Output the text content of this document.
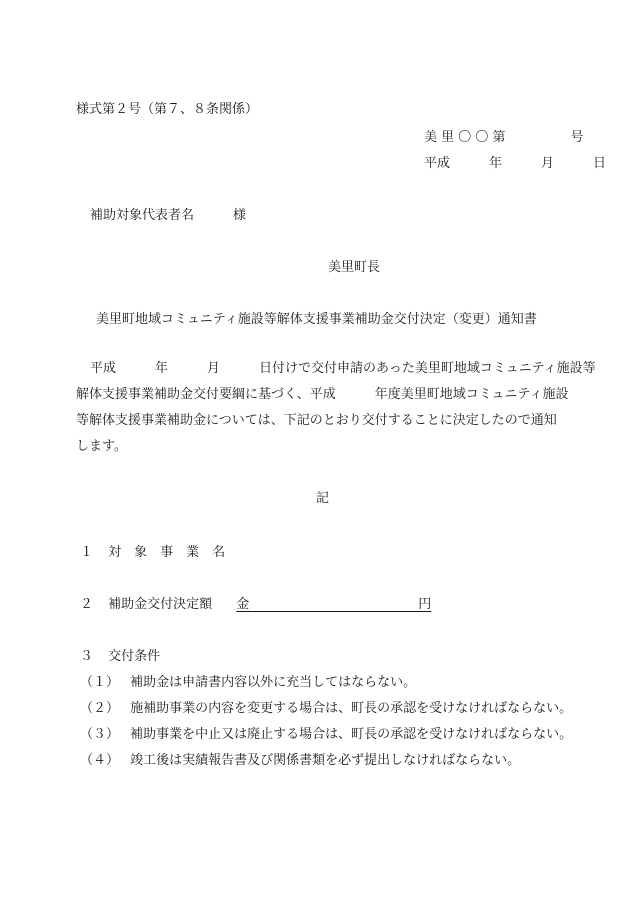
様式第２号（第７、８条関係）
美 里 〇 〇 第　　　　　号
平成　　　年　　　月　　　日
補助対象代表者名　　　様
美里町長
美里町地域コミュニティ施設等解体支援事業補助金交付決定（変更）通知書
平成　　　年　　　月　　　日付けで交付申請のあった美里町地域コミュニティ施設等
解体支援事業補助金交付要綱に基づく、平成　　　年度美里町地域コミュニティ施設
等解体支援事業補助金については、下記のとおり交付することに決定したので通知
します。
記
１ 対　象　事　業　名
２ 補助金交付決定額 金　　　　　　　　　　　　　円
３ 交付条件
（１） 補助金は申請書内容以外に充当してはならない。
（２） 施補助事業の内容を変更する場合は、町長の承認を受けなければならない。
（３） 補助事業を中止又は廃止する場合は、町長の承認を受けなければならない。
（４） 竣工後は実績報告書及び関係書類を必ず提出しなければならない。
